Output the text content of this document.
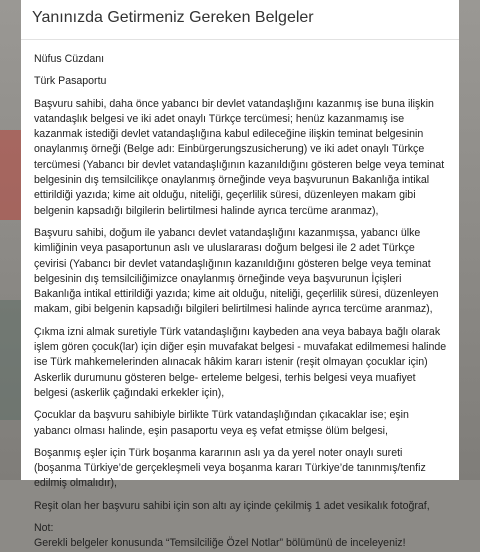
Yanınızda Getirmeniz Gereken Belgeler

Nüfus Cüzdanı

Türk Pasaportu

Başvuru sahibi, daha önce yabancı bir devlet vatandaşlığını kazanmış ise buna ilişkin vatandaşlık belgesi ve iki adet onaylı Türkçe tercümesi; henüz kazanmamış ise kazanmak istediği devlet vatandaşlığına kabul edileceğine ilişkin teminat belgesinin onaylanmış örneği (Belge adı: Einbürgerungszusicherung) ve iki adet onaylı Türkçe tercümesi (Yabancı bir devlet vatandaşlığının kazanıldığını gösteren belge veya teminat belgesinin dış temsilcilikçe onaylanmış örneğinde veya başvurunun Bakanlığa intikal ettirildiği yazıda; kime ait olduğu, niteliği, geçerlilik süresi, düzenleyen makam gibi belgenin kapsadığı bilgilerin belirtilmesi halinde ayrıca tercüme aranmaz),

Başvuru sahibi, doğum ile yabancı devlet vatandaşlığını kazanmışsa, yabancı ülke kimliğinin veya pasaportunun aslı ve uluslararası doğum belgesi ile 2 adet Türkçe çevirisi (Yabancı bir devlet vatandaşlığının kazanıldığını gösteren belge veya teminat belgesinin dış temsilciliğimizce onaylanmış örneğinde veya başvurunun İçişleri Bakanlığa intikal ettirildiği yazıda; kime ait olduğu, niteliği, geçerlilik süresi, düzenleyen makam, gibi belgenin kapsadığı bilgileri belirtilmesi halinde ayrıca tercüme aranmaz),

Çıkma izni almak suretiyle Türk vatandaşlığını kaybeden ana veya babaya bağlı olarak işlem gören çocuk(lar) için diğer eşin muvafakat belgesi - muvafakat edilmemesi halinde ise Türk mahkemelerinden alınacak hâkim kararı istenir (reşit olmayan çocuklar için) Askerlik durumunu gösteren belge- erteleme belgesi, terhis belgesi veya muafiyet belgesi (askerlik çağındaki erkekler için),

Çocuklar da başvuru sahibiyle birlikte Türk vatandaşlığından çıkacaklar ise; eşin yabancı olması halinde, eşin pasaportu veya eş vefat etmişse ölüm belgesi,

Boşanmış eşler için Türk boşanma kararının aslı ya da yerel noter onaylı sureti (boşanma Türkiye’de gerçekleşmeli veya boşanma kararı Türkiye’de tanınmış/tenfiz edilmiş olmalıdır),

Reşit olan her başvuru sahibi için son altı ay içinde çekilmiş 1 adet vesikalık fotoğraf,

Not:
Gerekli belgeler konusunda “Temsilciliğe Özel Notlar” bölümünü de inceleyeniz!
